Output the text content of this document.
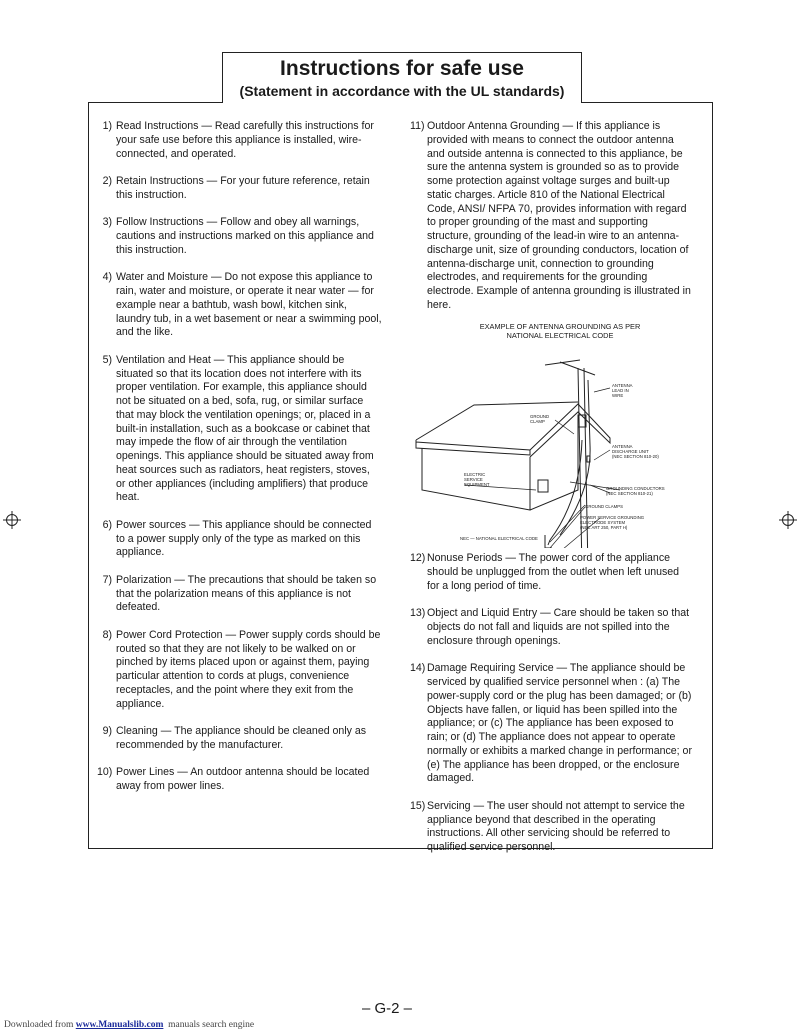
Instructions for safe use
(Statement in accordance with the UL standards)
1) Read Instructions — Read carefully this instructions for
your safe use before this appliance is installed, wire-
connected, and operated.
2) Retain Instructions — For your future reference, retain
this instruction.
3) Follow Instructions — Follow and obey all warnings,
cautions and instructions marked on this appliance and
this instruction.
4) Water and Moisture — Do not expose this appliance to
rain, water and moisture, or operate it near water — for
example near a bathtub, wash bowl, kitchen sink,
laundry tub, in a wet basement or near a swimming pool,
and the like.
5) Ventilation and Heat — This appliance should be
situated so that its location does not interfere with its
proper ventilation. For example, this appliance should
not be situated on a bed, sofa, rug, or similar surface
that may block the ventilation openings; or, placed in a
built-in installation, such as a bookcase or cabinet that
may impede the flow of air through the ventilation
openings. This appliance should be situated away from
heat sources such as radiators, heat registers, stoves,
or other appliances (including amplifiers) that produce
heat.
6) Power sources — This appliance should be connected
to a power supply only of the type as marked on this
appliance.
7) Polarization — The precautions that should be taken so
that the polarization means of this appliance is not
defeated.
8) Power Cord Protection — Power supply cords should be
routed so that they are not likely to be walked on or
pinched by items placed upon or against them, paying
particular attention to cords at plugs, convenience
receptacles, and the point where they exit from the
appliance.
9) Cleaning — The appliance should be cleaned only as
recommended by the manufacturer.
10) Power Lines — An outdoor antenna should be located
away from power lines.
11) Outdoor Antenna Grounding — If this appliance is
provided with means to connect the outdoor antenna
and outside antenna is connected to this appliance, be
sure the antenna system is grounded so as to provide
some protection against voltage surges and built-up
static charges. Article 810 of the National Electrical
Code, ANSI/ NFPA 70, provides information with regard
to proper grounding of the mast and supporting
structure, grounding of the lead-in wire to an antenna-
discharge unit, size of grounding conductors, location of
antenna-discharge unit, connection to grounding
electrodes, and requirements for the grounding
electrode. Example of antenna grounding is illustrated in
here.
EXAMPLE OF ANTENNA GROUNDING AS PER
NATIONAL ELECTRICAL CODE
ANTENNA
LEAD IN
WIRE
GROUND
CLAMP
ANTENNA
DISCHARGE UNIT
(NEC SECTION 810-20)
ELECTRIC
SERVICE
EQUIPMENT
GROUNDING CONDUCTORS
(NEC SECTION 810-21)
GROUND CLAMPS
POWER SERVICE GROUNDING
ELECTRODE SYSTEM
(NEC ART 250, PART H)
NEC — NATIONAL ELECTRICAL CODE
12) Nonuse Periods — The power cord of the appliance
should be unplugged from the outlet when left unused
for a long period of time.
13) Object and Liquid Entry — Care should be taken so that
objects do not fall and liquids are not spilled into the
enclosure through openings.
14) Damage Requiring Service — The appliance should be
serviced by qualified service personnel when : (a) The
power-supply cord or the plug has been damaged; or (b)
Objects have fallen, or liquid has been spilled into the
appliance; or (c) The appliance has been exposed to
rain; or (d) The appliance does not appear to operate
normally or exhibits a marked change in performance; or
(e) The appliance has been dropped, or the enclosure
damaged.
15) Servicing — The user should not attempt to service the
appliance beyond that described in the operating
instructions. All other servicing should be referred to
qualified service personnel.
– G-2 –
Downloaded from www.Manualslib.com  manuals search engine
